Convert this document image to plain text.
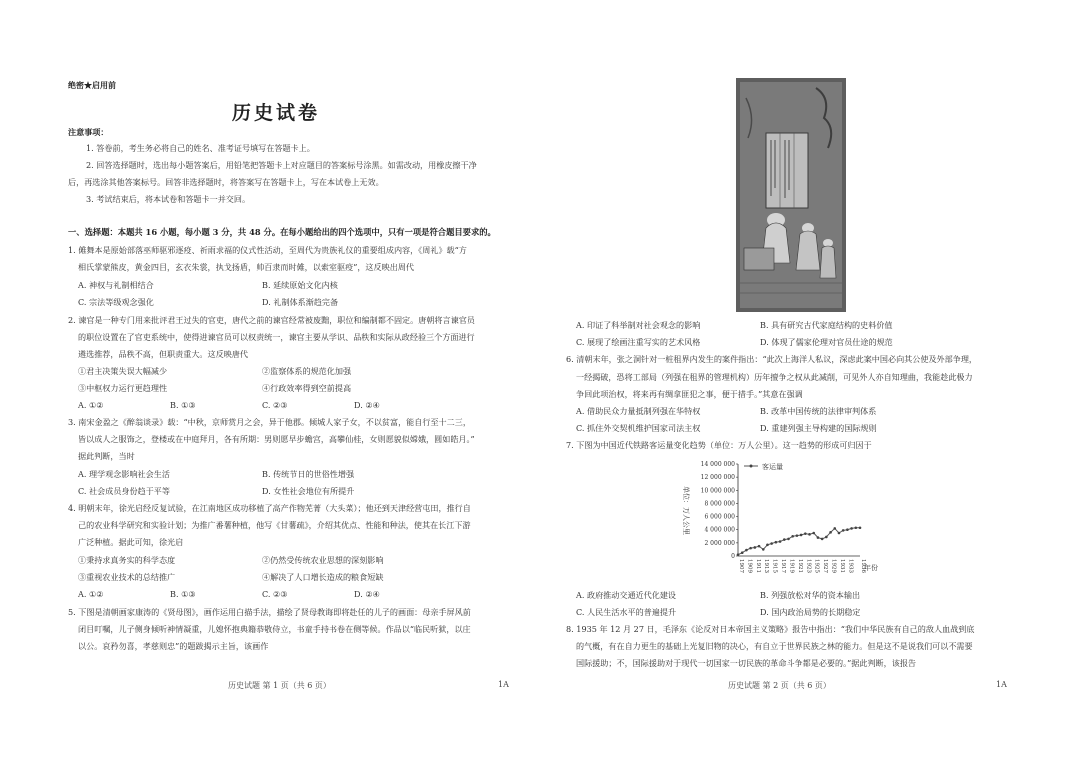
绝密★启用前
历史试卷
注意事项：
1. 答卷前，考生务必将自己的姓名、准考证号填写在答题卡上。
2. 回答选择题时，选出每小题答案后，用铅笔把答题卡上对应题目的答案标号涂黑。如需改动，用橡皮擦干净
后，再选涂其他答案标号。回答非选择题时，将答案写在答题卡上，写在本试卷上无效。
3. 考试结束后，将本试卷和答题卡一并交回。
一、选择题：本题共 16 小题，每小题 3 分，共 48 分。在每小题给出的四个选项中，只有一项是符合题目要求的。
1. 傩舞本是原始部落巫师驱邪逐疫、祈雨求福的仪式性活动，至周代为贵族礼仪的重要组成内容，《周礼》载“方
相氏掌蒙熊皮，黄金四目，玄衣朱裳，执戈扬盾，帅百隶而时傩，以索室驱疫”，这反映出周代
A. 神权与礼制相结合	B. 延续原始文化内核
C. 宗法等级观念强化	D. 礼制体系渐趋完备
2. 谏官是一种专门用来批评君王过失的官吏，唐代之前的谏官经常被废黜，职位和编制都不固定。唐朝将言谏官员
的职位设置在了官吏系统中，使得进谏官员可以权责统一，谏官主要从学识、品秩和实际从政经验三个方面进行
遴选推荐，品秩不高，但职责重大。这反映唐代
①君主决策失误大幅减少	②监察体系的规范化加强
③中枢权力运行更趋理性	④行政效率得到空前提高
A. ①②	B. ①③	C. ②③	D. ②④
3. 南宋金盈之《醉翁谈录》载：“中秋，京师赏月之会，异于他郡。倾城人家子女，不以贫富，能自行至十二三，
皆以成人之服饰之，登楼或在中庭拜月，各有所期：男则愿早步蟾宫，高攀仙桂，女则愿貌似嫦娥，圆如皓月。”
据此判断，当时
A. 理学观念影响社会生活	B. 传统节日的世俗性增强
C. 社会成员身份趋于平等	D. 女性社会地位有所提升
4. 明朝末年，徐光启经反复试验，在江南地区成功移植了高产作物芜菁（大头菜）；他还到天津经营屯田，推行自
己的农业科学研究和实验计划；为推广番薯种植，他写《甘薯疏》，介绍其优点、性能和种法，使其在长江下游
广泛种植。据此可知，徐光启
①秉持求真务实的科学态度	②仍然受传统农业思想的深刻影响
③重视农业技术的总结推广	④解决了人口增长造成的粮食短缺
A. ①②	B. ①③	C. ②③	D. ②④
5. 下图是清朝画家康涛的《贤母图》，画作运用白描手法，描绘了贤母教诲即将赴任的儿子的画面：母亲手屏风前
闭目叮嘱，儿子侧身倾听神情凝重，儿媳怀抱典籍恭敬侍立，书童手持书卷在侧等候。作品以“临民听狱，以庄
以公。哀矜勿喜，孝慈则忠”的题跋揭示主旨，该画作
历史试题 第 1 页（共 6 页）	1A
A. 印证了科举制对社会观念的影响	B. 具有研究古代家庭结构的史料价值
C. 展现了绘画注重写实的艺术风格	D. 体现了儒家伦理对官员仕途的规范
6. 清朝末年，张之洞针对一桩租界内发生的案件指出：“此次上海洋人私议，深虑此案中国必向其公使及外部争理，
一经揭破，恐将工部局（列强在租界的管理机构）历年擅争之权从此减削，可见外人亦自知理曲，我能趁此极力
争回此项治权，将来再有绸拿匪犯之事，便于措手。”其意在强调
A. 借助民众力量抵制列强在华特权	B. 改革中国传统的法律审判体系
C. 抓住外交契机维护国家司法主权	D. 重建列强主导构建的国际规则
7. 下图为中国近代铁路客运量变化趋势（单位：万人公里）。这一趋势的形成可归因于
0
2 000 000
4 000 000
6 000 000
8 000 000
10 000 000
12 000 000
14 000 000
1907 1909 1911 1913 1915 1917 1919 1921 1923 1925 1927 1929 1931 1933 1936
客运量
单位：万人公里
年份
A. 政府推动交通近代化建设	B. 列强放松对华的资本输出
C. 人民生活水平的普遍提升	D. 国内政治局势的长期稳定
8. 1935 年 12 月 27 日，毛泽东《论反对日本帝国主义策略》报告中指出：“我们中华民族有自己的敌人血战到底
的气概，有在自力更生的基础上光复旧物的决心，有自立于世界民族之林的能力。但是这不是说我们可以不需要
国际援助；不，国际援助对于现代一切国家一切民族的革命斗争都是必要的。”据此判断，该报告
历史试题 第 2 页（共 6 页）	1A
